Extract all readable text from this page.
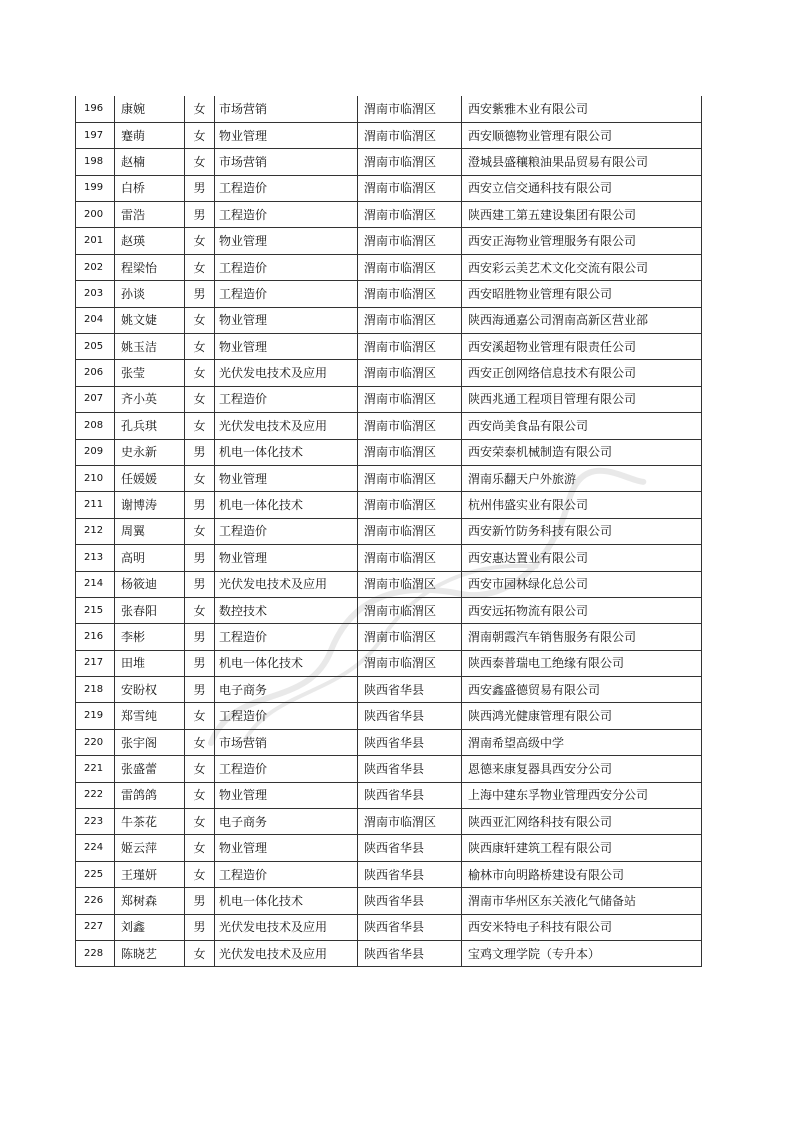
196	康婉	女	市场营销	渭南市临渭区	西安紫雅木业有限公司
197	蹇萌	女	物业管理	渭南市临渭区	西安顺德物业管理有限公司
198	赵楠	女	市场营销	渭南市临渭区	澄城县盛穰粮油果品贸易有限公司
199	白桥	男	工程造价	渭南市临渭区	西安立信交通科技有限公司
200	雷浩	男	工程造价	渭南市临渭区	陕西建工第五建设集团有限公司
201	赵瑛	女	物业管理	渭南市临渭区	西安正海物业管理服务有限公司
202	程梁怡	女	工程造价	渭南市临渭区	西安彩云美艺术文化交流有限公司
203	孙谈	男	工程造价	渭南市临渭区	西安昭胜物业管理有限公司
204	姚文婕	女	物业管理	渭南市临渭区	陕西海通嘉公司渭南高新区营业部
205	姚玉洁	女	物业管理	渭南市临渭区	西安溪超物业管理有限责任公司
206	张莹	女	光伏发电技术及应用	渭南市临渭区	西安正创网络信息技术有限公司
207	齐小英	女	工程造价	渭南市临渭区	陕西兆通工程项目管理有限公司
208	孔兵琪	女	光伏发电技术及应用	渭南市临渭区	西安尚美食品有限公司
209	史永新	男	机电一体化技术	渭南市临渭区	西安荣泰机械制造有限公司
210	任媛媛	女	物业管理	渭南市临渭区	渭南乐翻天户外旅游
211	谢博涛	男	机电一体化技术	渭南市临渭区	杭州伟盛实业有限公司
212	周翼	女	工程造价	渭南市临渭区	西安新竹防务科技有限公司
213	高明	男	物业管理	渭南市临渭区	西安惠达置业有限公司
214	杨筱迪	男	光伏发电技术及应用	渭南市临渭区	西安市园林绿化总公司
215	张春阳	女	数控技术	渭南市临渭区	西安远拓物流有限公司
216	李彬	男	工程造价	渭南市临渭区	渭南朝霞汽车销售服务有限公司
217	田堆	男	机电一体化技术	渭南市临渭区	陕西泰普瑞电工绝缘有限公司
218	安盼权	男	电子商务	陕西省华县	西安鑫盛德贸易有限公司
219	郑雪纯	女	工程造价	陕西省华县	陕西鸿光健康管理有限公司
220	张宇阁	女	市场营销	陕西省华县	渭南希望高级中学
221	张盛蕾	女	工程造价	陕西省华县	恩德来康复器具西安分公司
222	雷鸽鸽	女	物业管理	陕西省华县	上海中建东孚物业管理西安分公司
223	牛茶花	女	电子商务	渭南市临渭区	陕西亚汇网络科技有限公司
224	姬云萍	女	物业管理	陕西省华县	陕西康轩建筑工程有限公司
225	王瑾妍	女	工程造价	陕西省华县	榆林市向明路桥建设有限公司
226	郑树森	男	机电一体化技术	陕西省华县	渭南市华州区东关液化气储备站
227	刘鑫	男	光伏发电技术及应用	陕西省华县	西安米特电子科技有限公司
228	陈晓艺	女	光伏发电技术及应用	陕西省华县	宝鸡文理学院（专升本）
